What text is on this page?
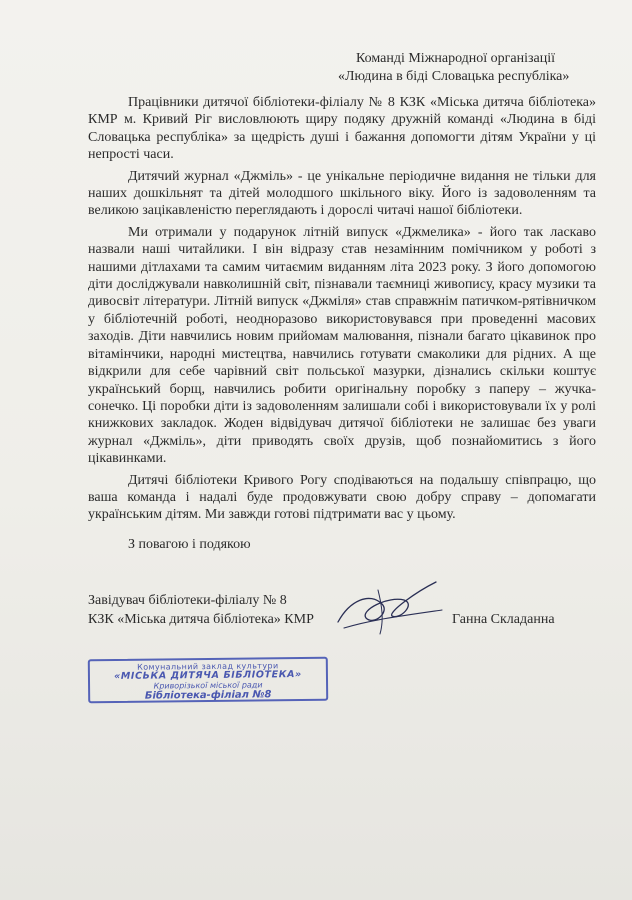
Команді Міжнародної організації
«Людина в біді Словацька республіка»

Працівники дитячої бібліотеки-філіалу № 8 КЗК «Міська дитяча бібліотека» КМР м. Кривий Ріг висловлюють щиру подяку дружній команді «Людина в біді Словацька республіка» за щедрість душі і бажання допомогти дітям України у ці непрості часи.

Дитячий журнал «Джміль» - це унікальне періодичне видання не тільки для наших дошкільнят та дітей молодшого шкільного віку. Його із задоволенням та великою зацікавленістю переглядають і дорослі читачі нашої бібліотеки.

Ми отримали у подарунок літній випуск «Джмелика» - його так ласкаво назвали наші читайлики. І він відразу став незамінним помічником у роботі з нашими дітлахами та самим читаємим виданням літа 2023 року. З його допомогою діти досліджували навколишній світ, пізнавали таємниці живопису, красу музики та дивосвіт літератури. Літній випуск «Джміля» став справжнім патичком-рятівничком у бібліотечній роботі, неодноразово використовувався при проведенні масових заходів. Діти навчились новим прийомам малювання, пізнали багато цікавинок про вітамінчики, народні мистецтва, навчились готувати смаколики для рідних. А ще відкрили для себе чарівний світ польської мазурки, дізнались скільки коштує український борщ, навчились робити оригінальну поробку з паперу – жучка-сонечко. Ці поробки діти із задоволенням залишали собі і використовували їх у ролі книжкових закладок. Жоден відвідувач дитячої бібліотеки не залишає без уваги журнал «Джміль», діти приводять своїх друзів, щоб познайомитись з його цікавинками.

Дитячі бібліотеки Кривого Рогу сподіваються на подальшу співпрацю, що ваша команда і надалі буде продовжувати свою добру справу – допомагати українським дітям. Ми завжди готові підтримати вас у цьому.

З повагою і подякою

Завідувач бібліотеки-філіалу № 8
КЗК «Міська дитяча бібліотека» КМР	Ганна Складанна
Комунальний заклад культури
«МІСЬКА ДИТЯЧА БІБЛІОТЕКА»
Криворізької міської ради
Бібліотека-філіал №8
